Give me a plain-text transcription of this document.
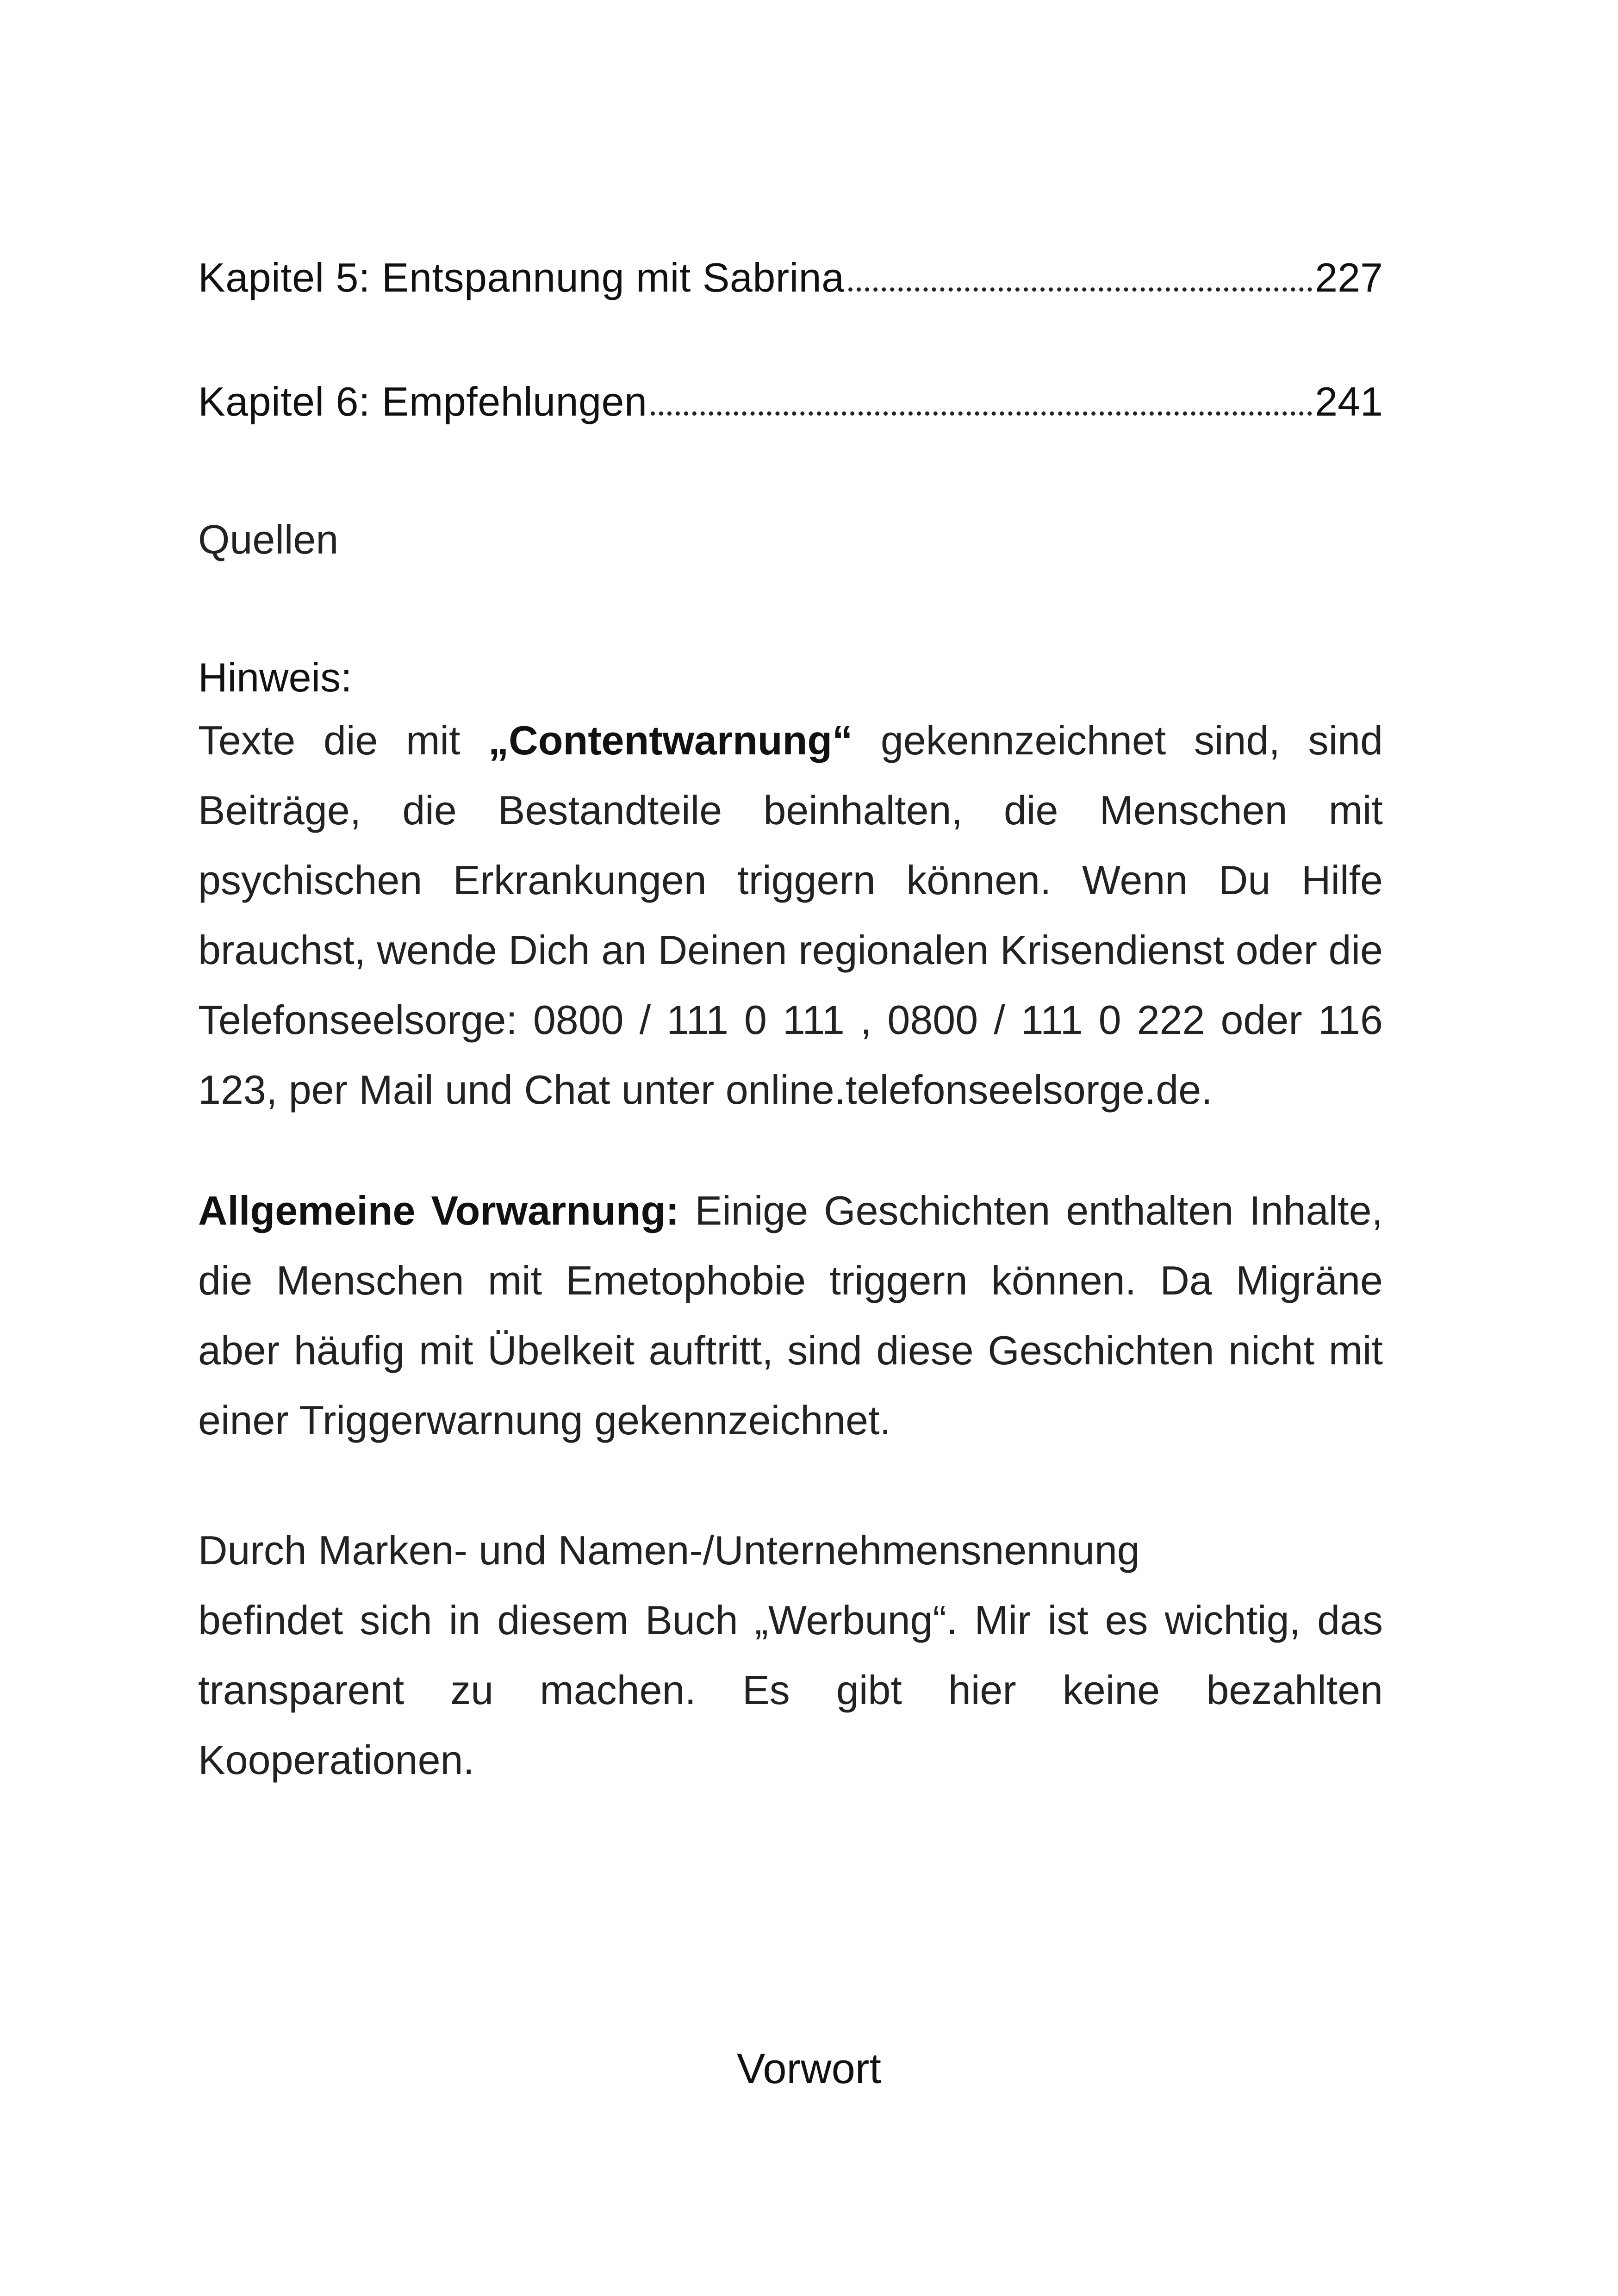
Kapitel 5: Entspannung mit Sabrina	227
Kapitel 6: Empfehlungen	241
Quellen
Hinweis:

Texte die mit „Contentwarnung“ gekennzeichnet sind, sind Beiträge, die Bestandteile beinhalten, die Menschen mit psychischen Erkrankungen triggern können. Wenn Du Hilfe brauchst, wende Dich an Deinen regionalen Krisendienst oder die Telefonseelsorge: 0800 / 111 0 111 , 0800 / 111 0 222 oder 116 123, per Mail und Chat unter online.telefonseelsorge.de.

Allgemeine Vorwarnung: Einige Geschichten enthalten Inhalte, die Menschen mit Emetophobie triggern können. Da Migräne aber häufig mit Übelkeit auftritt, sind diese Geschichten nicht mit einer Triggerwarnung gekennzeichnet.

Durch Marken- und Namen-/Unternehmensnennung
befindet sich in diesem Buch „Werbung“. Mir ist es wichtig, das transparent zu machen. Es gibt hier keine bezahlten Kooperationen.

Vorwort
